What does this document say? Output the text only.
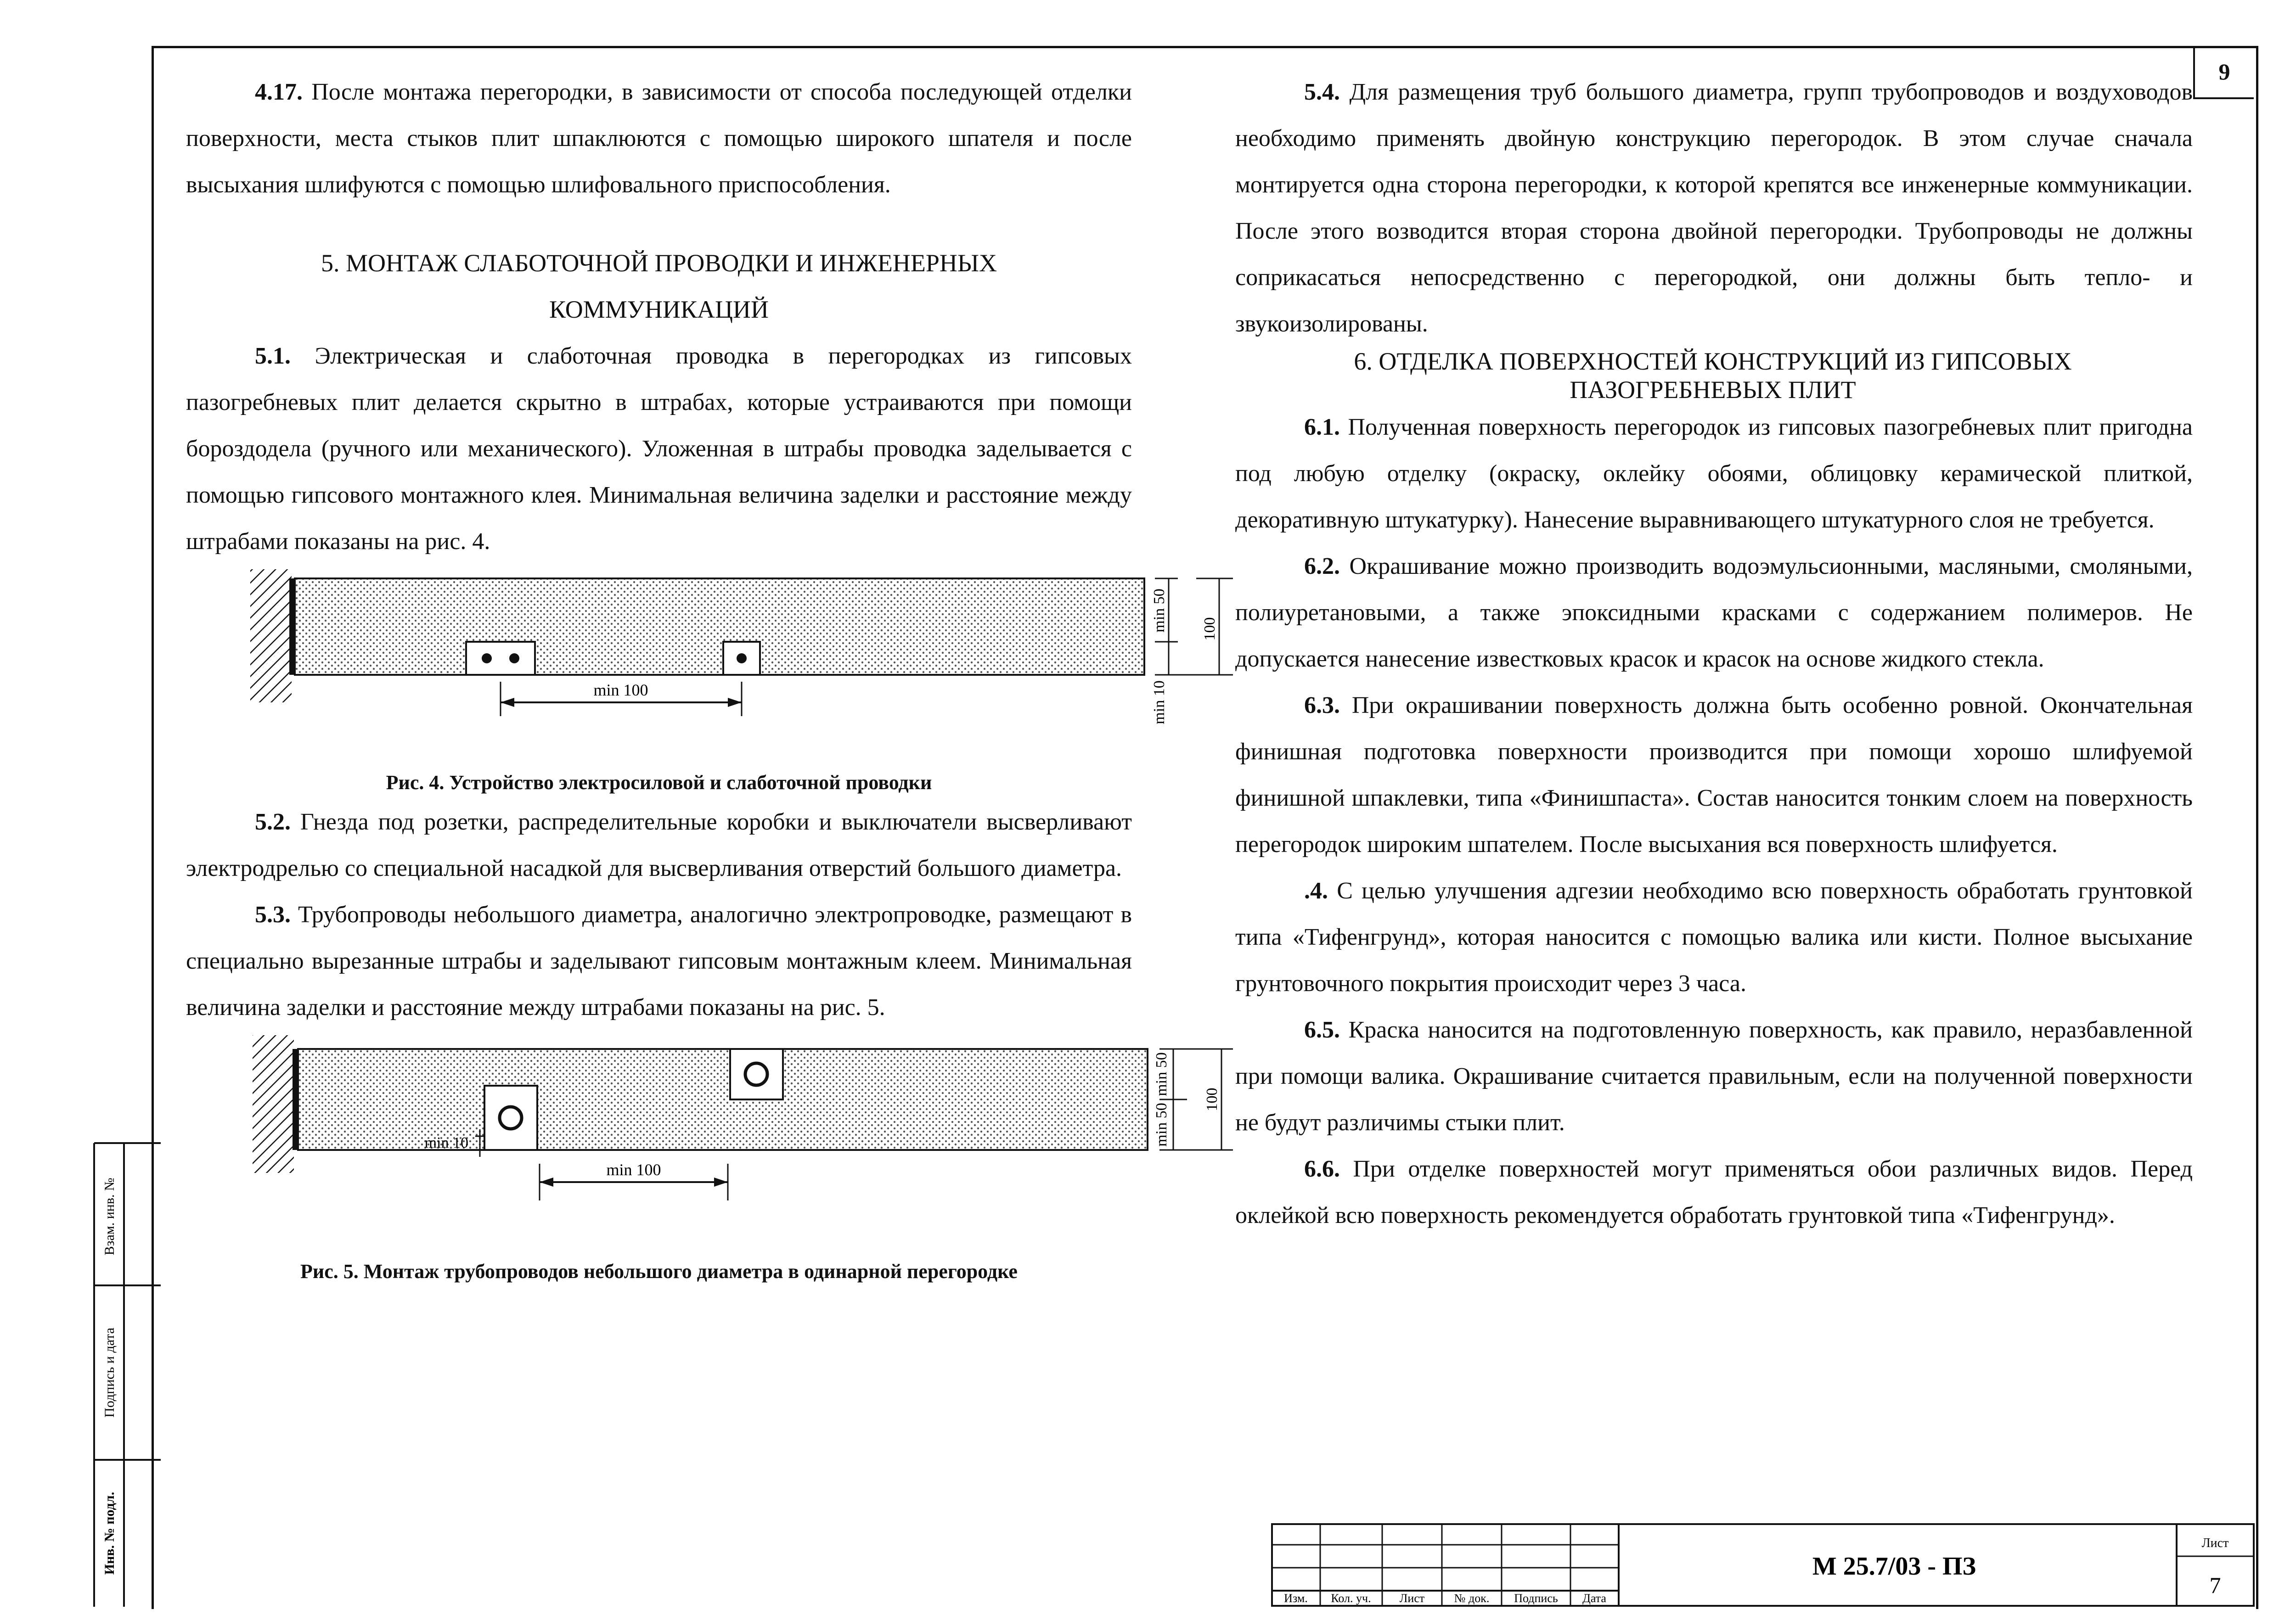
9

4.17. После монтажа перегородки, в зависимости от способа последующей отделки поверхности, места стыков плит шпаклюются с помощью широкого шпателя и после высыхания шлифуются с помощью шлифовального приспособления.

5. МОНТАЖ СЛАБОТОЧНОЙ ПРОВОДКИ И ИНЖЕНЕРНЫХ КОММУНИКАЦИЙ

5.1. Электрическая и слаботочная проводка в перегородках из гипсовых пазогребневых плит делается скрытно в штрабах, которые устраиваются при помощи бороздодела (ручного или механического). Уложенная в штрабы проводка заделывается с помощью гипсового монтажного клея. Минимальная величина заделки и расстояние между штрабами показаны на рис. 4.

min 100
min 50 100
min 10

Рис. 4. Устройство электросиловой и слаботочной проводки

5.2. Гнезда под розетки, распределительные коробки и выключатели высверливают электродрелью со специальной насадкой для высверливания отверстий большого диаметра.

5.3. Трубопроводы небольшого диаметра, аналогично электропроводке, размещают в специально вырезанные штрабы и заделывают гипсовым монтажным клеем. Минимальная величина заделки и расстояние между штрабами показаны на рис. 5.

min 10
min 100
min 50
min 50
100

Рис. 5. Монтаж трубопроводов небольшого диаметра в одинарной перегородке

5.4. Для размещения труб большого диаметра, групп трубопроводов и воздуховодов необходимо применять двойную конструкцию перегородок. В этом случае сначала монтируется одна сторона перегородки, к которой крепятся все инженерные коммуникации. После этого возводится вторая сторона двойной перегородки. Трубопроводы не должны соприкасаться непосредственно с перегородкой, они должны быть тепло- и звукоизолированы.

6. ОТДЕЛКА ПОВЕРХНОСТЕЙ КОНСТРУКЦИЙ ИЗ ГИПСОВЫХ ПАЗОГРЕБНЕВЫХ ПЛИТ

6.1. Полученная поверхность перегородок из гипсовых пазогребневых плит пригодна под любую отделку (окраску, оклейку обоями, облицовку керамической плиткой, декоративную штукатурку). Нанесение выравнивающего штукатурного слоя не требуется.

6.2. Окрашивание можно производить водоэмульсионными, масляными, смоляными, полиуретановыми, а также эпоксидными красками с содержанием полимеров. Не допускается нанесение известковых красок и красок на основе жидкого стекла.

6.3. При окрашивании поверхность должна быть особенно ровной. Окончательная финишная подготовка поверхности производится при помощи хорошо шлифуемой финишной шпаклевки, типа «Финишпаста». Состав наносится тонким слоем на поверхность перегородок широким шпателем. После высыхания вся поверхность шлифуется.

.4. С целью улучшения адгезии необходимо всю поверхность обработать грунтовкой типа «Тифенгрунд», которая наносится с помощью валика или кисти. Полное высыхание грунтовочного покрытия происходит через 3 часа.

6.5. Краска наносится на подготовленную поверхность, как правило, неразбавленной при помощи валика. Окрашивание считается правильным, если на полученной поверхности не будут различимы стыки плит.

6.6. При отделке поверхностей могут применяться обои различных видов. Перед оклейкой всю поверхность рекомендуется обработать грунтовкой типа «Тифенгрунд».

Взам. инв. №
Подпись и дата
Инв. № подл.
Изм. Кол. уч. Лист № док. Подпись Дата
М 25.7/03 - ПЗ
Лист
7
